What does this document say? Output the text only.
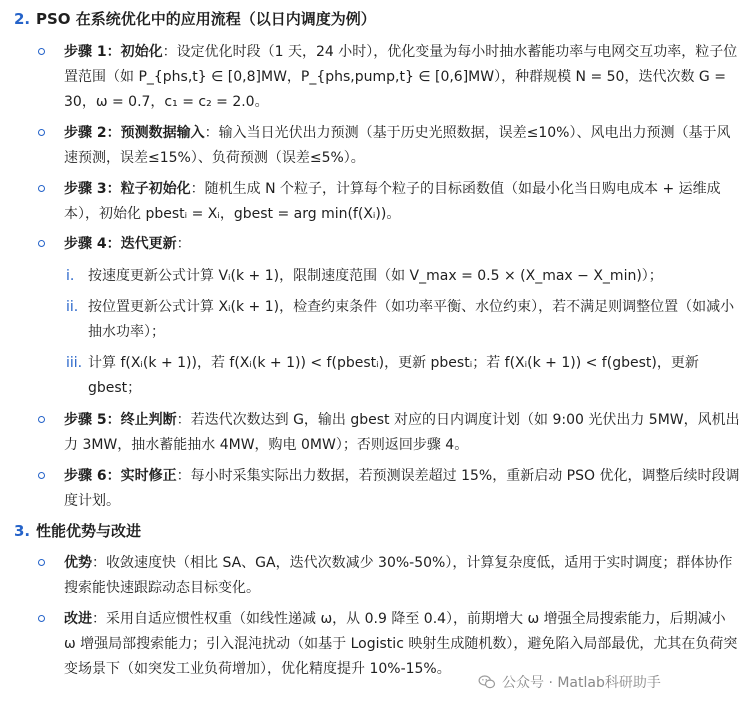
2. PSO 在系统优化中的应用流程（以日内调度为例）
步骤 1：初始化：设定优化时段（1 天，24 小时），优化变量为每小时抽水蓄能功率与电网交互功率，粒子位置范围（如 P_{phs,t} ∈ [0,8]MW，P_{phs,pump,t} ∈ [0,6]MW），种群规模 N = 50，迭代次数 G = 30，ω = 0.7，c₁ = c₂ = 2.0。
步骤 2：预测数据输入：输入当日光伏出力预测（基于历史光照数据，误差≤10%）、风电出力预测（基于风速预测，误差≤15%）、负荷预测（误差≤5%）。
步骤 3：粒子初始化：随机生成 N 个粒子，计算每个粒子的目标函数值（如最小化当日购电成本 + 运维成本），初始化 pbestᵢ = Xᵢ，gbest = arg min(f(Xᵢ))。
步骤 4：迭代更新：
i. 按速度更新公式计算 Vᵢ(k + 1)，限制速度范围（如 V_max = 0.5 × (X_max − X_min)）；
ii. 按位置更新公式计算 Xᵢ(k + 1)，检查约束条件（如功率平衡、水位约束），若不满足则调整位置（如减小抽水功率）；
iii. 计算 f(Xᵢ(k + 1))，若 f(Xᵢ(k + 1)) < f(pbestᵢ)，更新 pbestᵢ；若 f(Xᵢ(k + 1)) < f(gbest)，更新 gbest；
步骤 5：终止判断：若迭代次数达到 G，输出 gbest 对应的日内调度计划（如 9:00 光伏出力 5MW，风机出力 3MW，抽水蓄能抽水 4MW，购电 0MW）；否则返回步骤 4。
步骤 6：实时修正：每小时采集实际出力数据，若预测误差超过 15%，重新启动 PSO 优化，调整后续时段调度计划。
3. 性能优势与改进
优势：收敛速度快（相比 SA、GA，迭代次数减少 30%-50%），计算复杂度低，适用于实时调度；群体协作搜索能快速跟踪动态目标变化。
改进：采用自适应惯性权重（如线性递减 ω，从 0.9 降至 0.4），前期增大 ω 增强全局搜索能力，后期减小 ω 增强局部搜索能力；引入混沌扰动（如基于 Logistic 映射生成随机数），避免陷入局部最优，尤其在负荷突变场景下（如突发工业负荷增加），优化精度提升 10%-15%。
公众号 · Matlab科研助手
